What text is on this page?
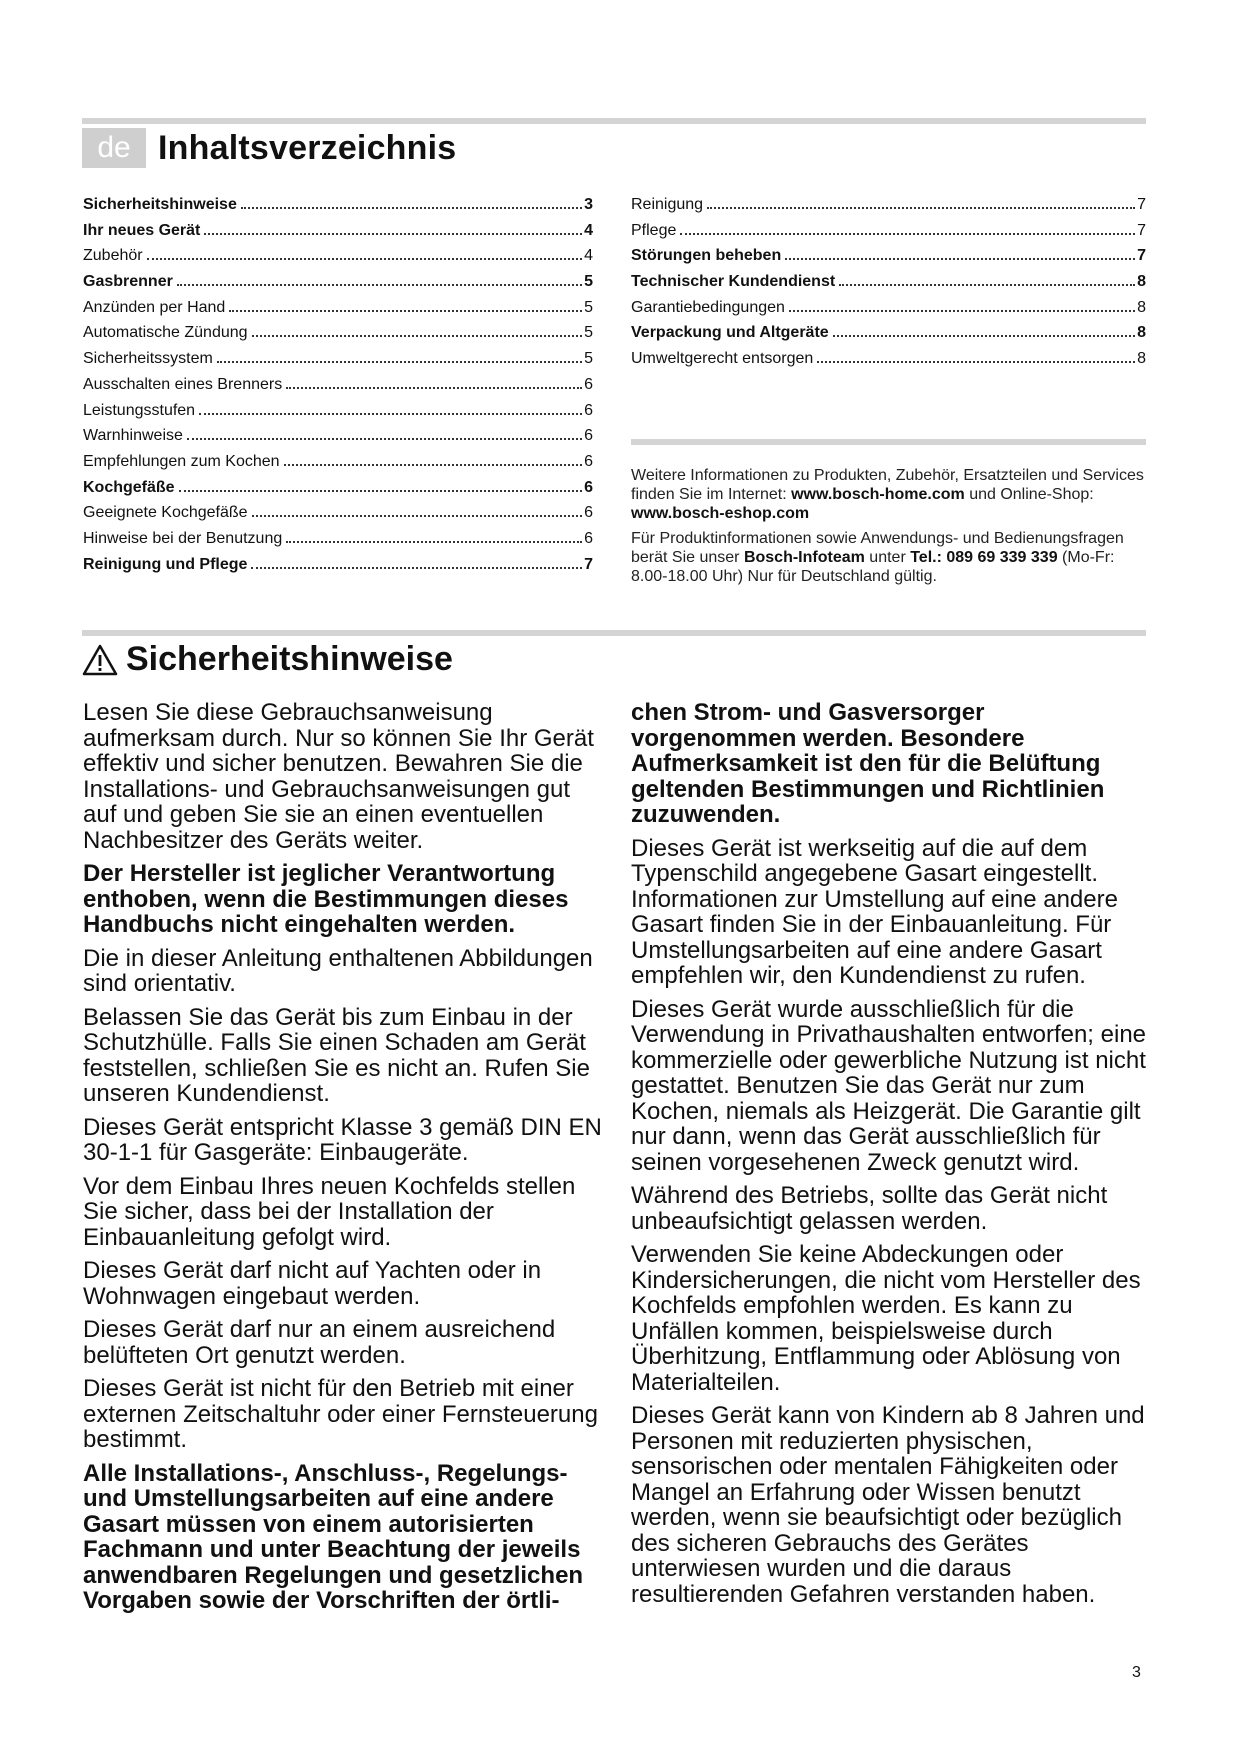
de Inhaltsverzeichnis
Sicherheitshinweise	3
Ihr neues Gerät	4
Zubehör	4
Gasbrenner	5
Anzünden per Hand	5
Automatische Zündung	5
Sicherheitssystem	5
Ausschalten eines Brenners	6
Leistungsstufen	6
Warnhinweise	6
Empfehlungen zum Kochen	6
Kochgefäße	6
Geeignete Kochgefäße	6
Hinweise bei der Benutzung	6
Reinigung und Pflege	7
Reinigung	7
Pflege	7
Störungen beheben	7
Technischer Kundendienst	8
Garantiebedingungen	8
Verpackung und Altgeräte	8
Umweltgerecht entsorgen	8

Weitere Informationen zu Produkten, Zubehör, Ersatzteilen und Services finden Sie im Internet: www.bosch-home.com und Online-Shop: www.bosch-eshop.com

Für Produktinformationen sowie Anwendungs- und Bedienungsfragen berät Sie unser Bosch-Infoteam unter Tel.: 089 69 339 339 (Mo-Fr: 8.00-18.00 Uhr) Nur für Deutschland gültig.

Sicherheitshinweise

Lesen Sie diese Gebrauchsanweisung aufmerksam durch. Nur so können Sie Ihr Gerät effektiv und sicher benutzen. Bewahren Sie die Installations- und Gebrauchsanweisungen gut auf und geben Sie sie an einen eventuellen Nachbesitzer des Geräts weiter.

Der Hersteller ist jeglicher Verantwortung enthoben, wenn die Bestimmungen dieses Handbuchs nicht eingehalten werden.

Die in dieser Anleitung enthaltenen Abbildungen sind orientativ.

Belassen Sie das Gerät bis zum Einbau in der Schutzhülle. Falls Sie einen Schaden am Gerät feststellen, schließen Sie es nicht an. Rufen Sie unseren Kundendienst.

Dieses Gerät entspricht Klasse 3 gemäß DIN EN 30-1-1 für Gasgeräte: Einbaugeräte.

Vor dem Einbau Ihres neuen Kochfelds stellen Sie sicher, dass bei der Installation der Einbauanleitung gefolgt wird.

Dieses Gerät darf nicht auf Yachten oder in Wohnwagen eingebaut werden.

Dieses Gerät darf nur an einem ausreichend belüfteten Ort genutzt werden.

Dieses Gerät ist nicht für den Betrieb mit einer externen Zeitschaltuhr oder einer Fernsteuerung bestimmt.

Alle Installations-, Anschluss-, Regelungs- und Umstellungsarbeiten auf eine andere Gasart müssen von einem autorisierten Fachmann und unter Beachtung der jeweils anwendbaren Regelungen und gesetzlichen Vorgaben sowie der Vorschriften der örtli-

chen Strom- und Gasversorger vorgenommen werden. Besondere Aufmerksamkeit ist den für die Belüftung geltenden Bestimmungen und Richtlinien zuzuwenden.

Dieses Gerät ist werkseitig auf die auf dem Typenschild angegebene Gasart eingestellt. Informationen zur Umstellung auf eine andere Gasart finden Sie in der Einbauanleitung. Für Umstellungsarbeiten auf eine andere Gasart empfehlen wir, den Kundendienst zu rufen.

Dieses Gerät wurde ausschließlich für die Verwendung in Privathaushalten entworfen; eine kommerzielle oder gewerbliche Nutzung ist nicht gestattet. Benutzen Sie das Gerät nur zum Kochen, niemals als Heizgerät. Die Garantie gilt nur dann, wenn das Gerät ausschließlich für seinen vorgesehenen Zweck genutzt wird.

Während des Betriebs, sollte das Gerät nicht unbeaufsichtigt gelassen werden.

Verwenden Sie keine Abdeckungen oder Kindersicherungen, die nicht vom Hersteller des Kochfelds empfohlen werden. Es kann zu Unfällen kommen, beispielsweise durch Überhitzung, Entflammung oder Ablösung von Materialteilen.

Dieses Gerät kann von Kindern ab 8 Jahren und Personen mit reduzierten physischen, sensorischen oder mentalen Fähigkeiten oder Mangel an Erfahrung oder Wissen benutzt werden, wenn sie beaufsichtigt oder bezüglich des sicheren Gebrauchs des Gerätes unterwiesen wurden und die daraus resultierenden Gefahren verstanden haben.

3
